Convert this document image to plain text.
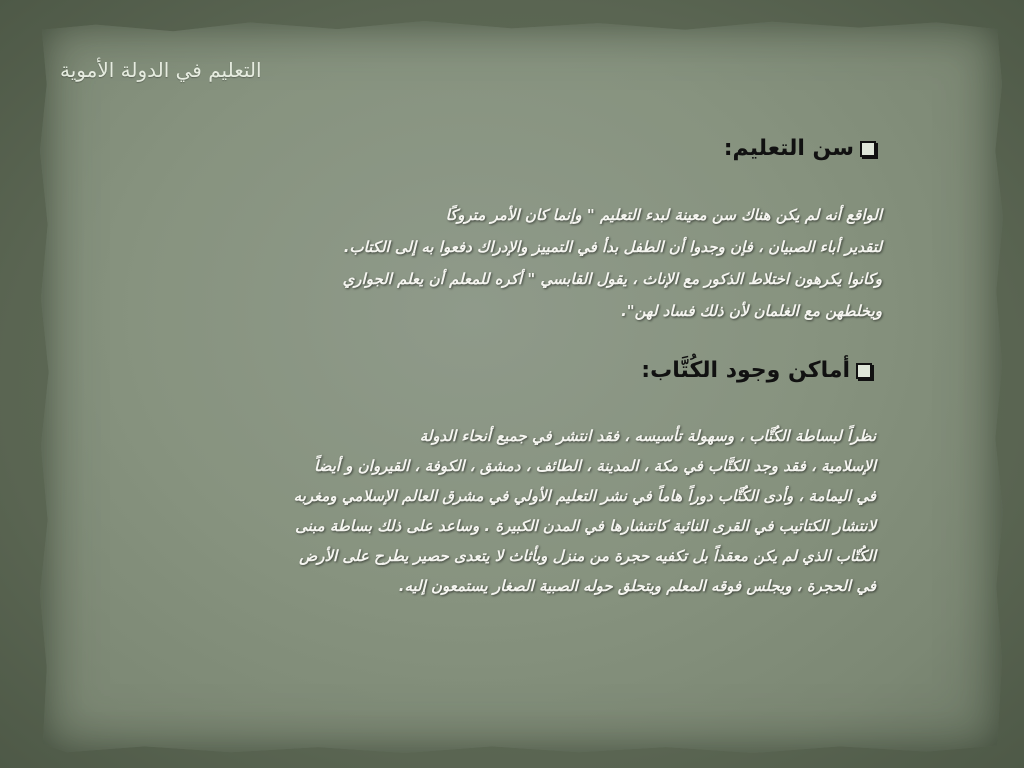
التعليم في الدولة الأموية
سن التعليم:
الواقع أنه لم يكن هناك سن معينة لبدء التعليم " وإنما كان الأمر متروكًا
لتقدير أباء الصبيان ، فإن وجدوا أن الطفل بدأ في التمييز والإدراك دفعوا به إلى الكتاب.
وكانوا يكرهون اختلاط الذكور مع الإناث ، يقول القابسي " أكره للمعلم أن يعلم الجواري
ويخلطهن مع الغلمان لأن ذلك فساد لهن".
أماكن وجود الكُتَّاب:
نظراً لبساطة الكُتَّاب ، وسهولة تأسيسه ، فقد انتشر في جميع أنحاء الدولة
الإسلامية ، فقد وجد الكتَّاب في مكة ، المدينة ، الطائف ، دمشق ، الكوفة ، القيروان و أيضاً
في اليمامة ، وأدى الكُتَّاب دوراً هاماً في نشر التعليم الأولي في مشرق العالم الإسلامي ومغربه
لانتشار الكتاتيب في القرى النائية كانتشارها في المدن الكبيرة . وساعد على ذلك بساطة مبنى
الكُتّاب الذي لم يكن معقداً بل تكفيه حجرة من منزل وبأثاث لا يتعدى حصير يطرح على الأرض
في الحجرة ، ويجلس فوقه المعلم ويتحلق حوله الصبية الصغار يستمعون إليه.
